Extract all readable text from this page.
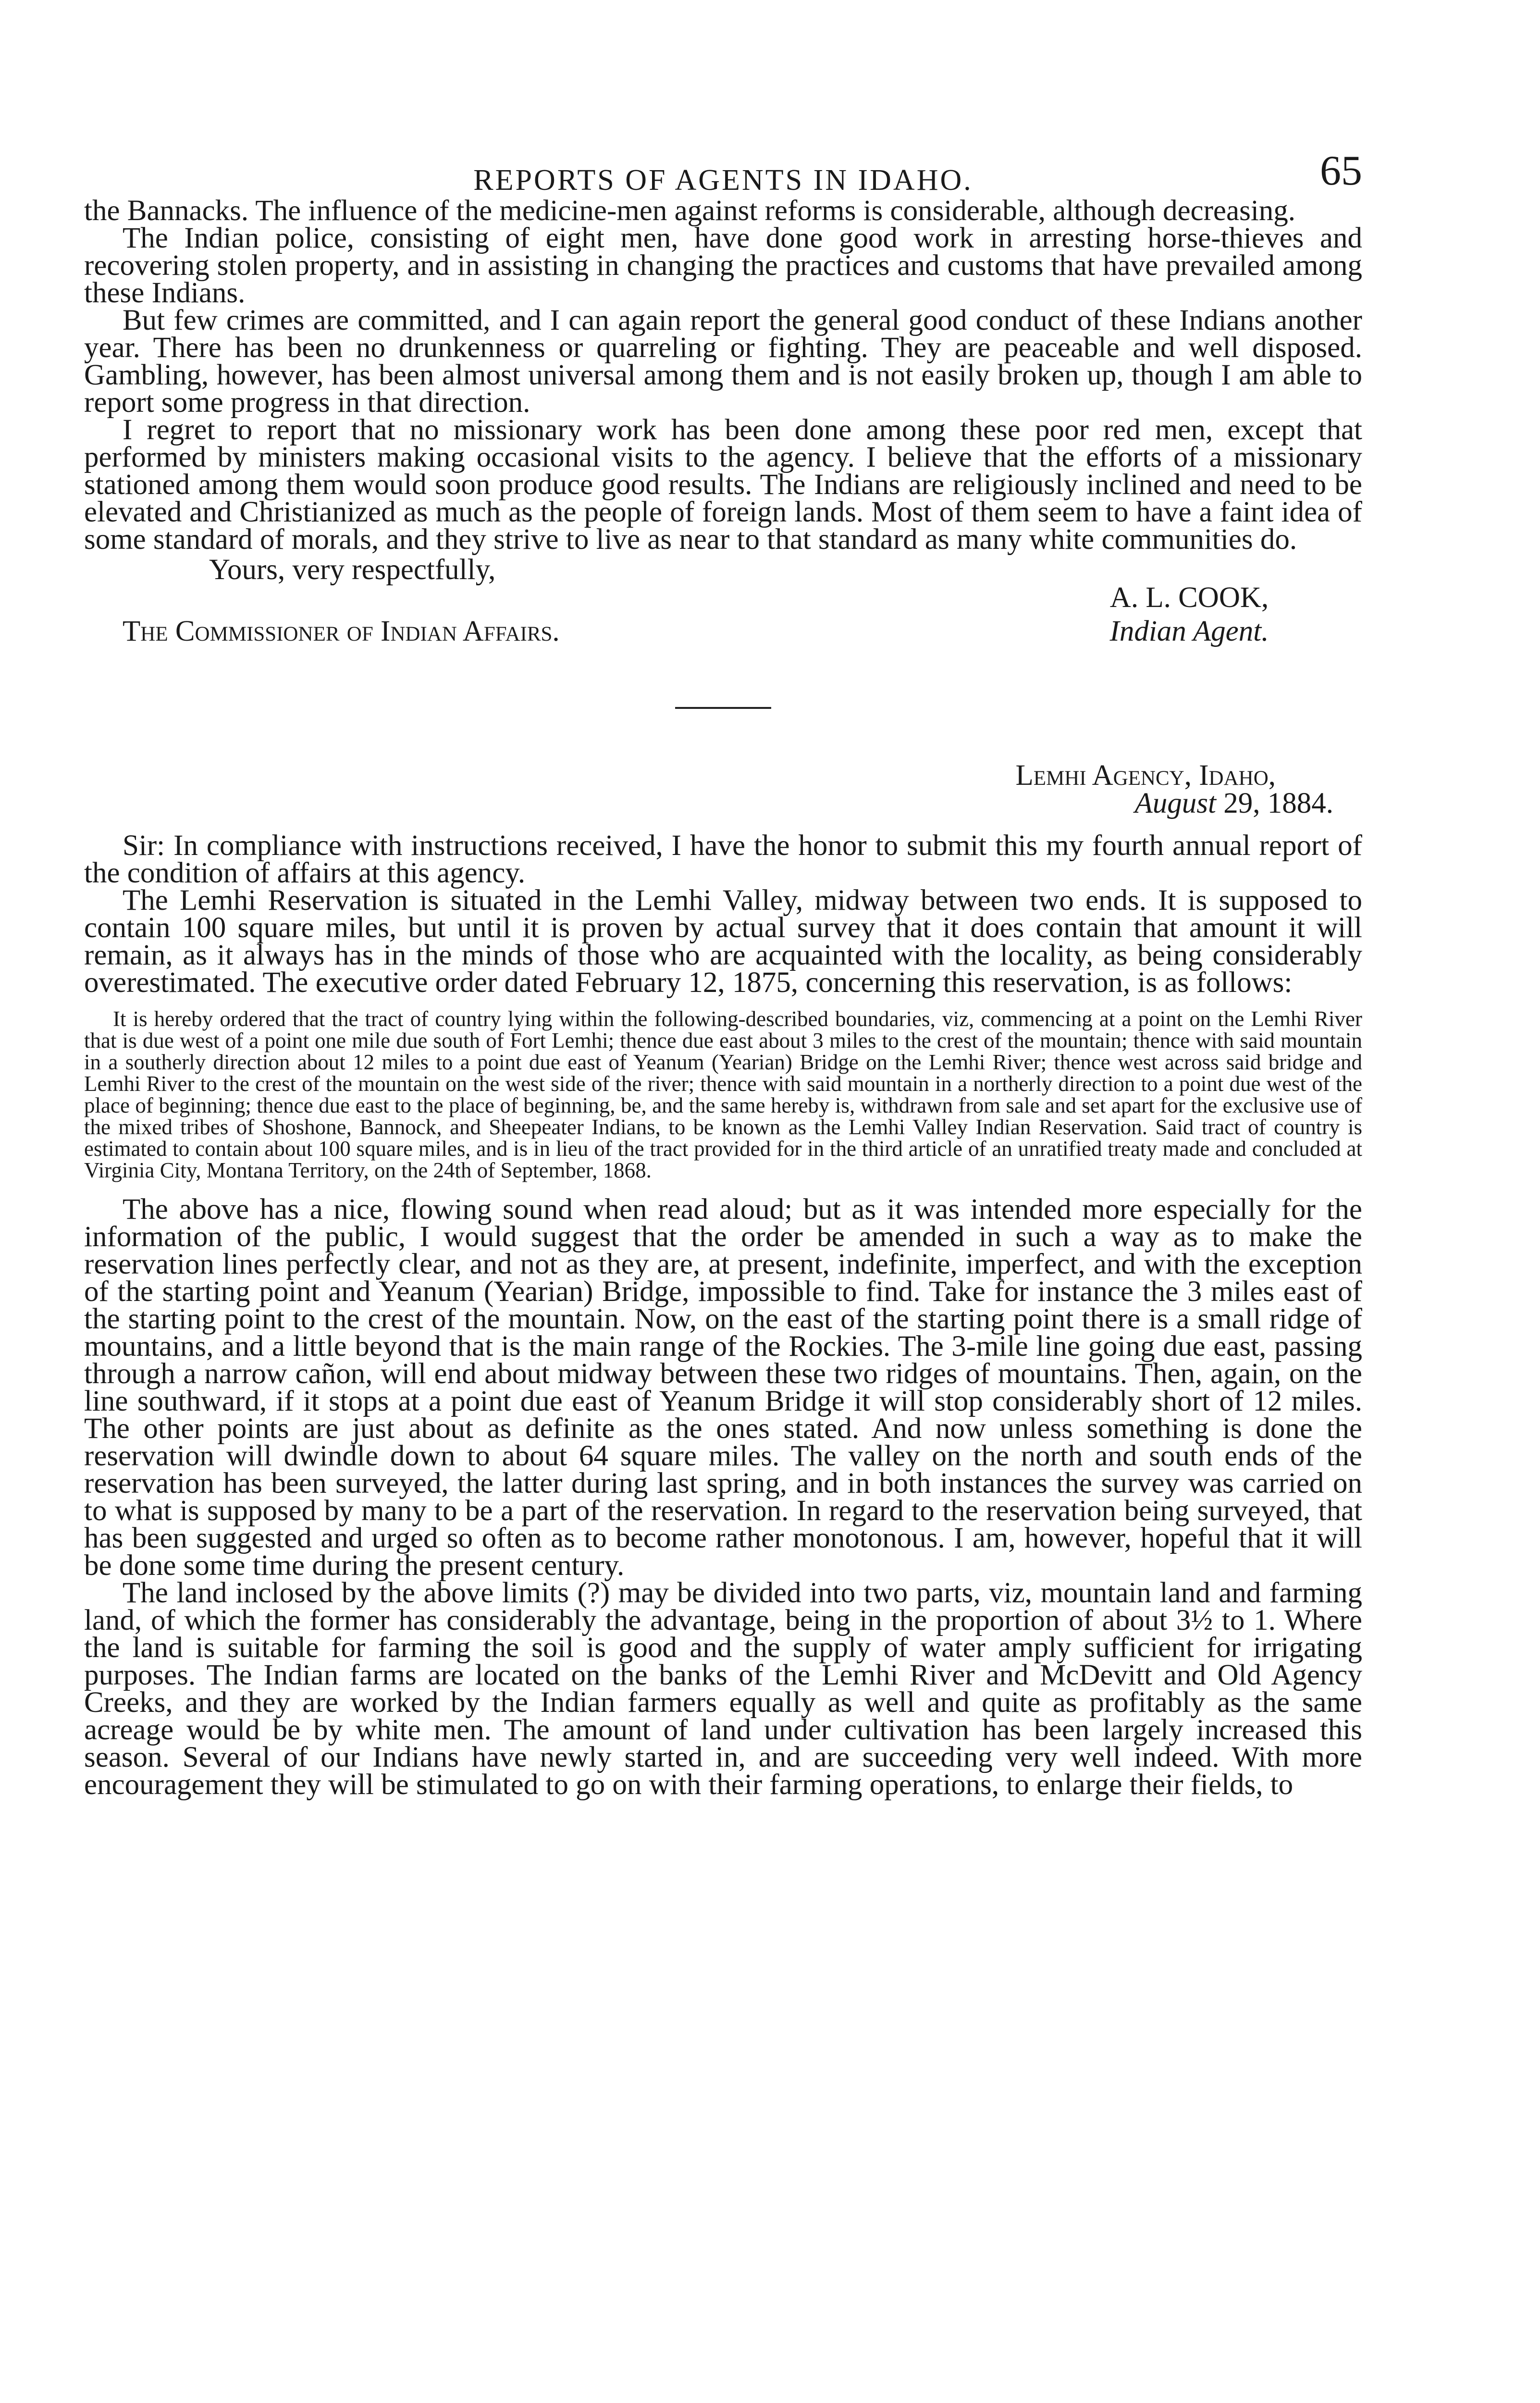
REPORTS OF AGENTS IN IDAHO.	65

the Bannacks. The influence of the medicine-men against reforms is considerable, although decreasing.

The Indian police, consisting of eight men, have done good work in arresting horse-thieves and recovering stolen property, and in assisting in changing the practices and customs that have prevailed among these Indians.

But few crimes are committed, and I can again report the general good conduct of these Indians another year. There has been no drunkenness or quarreling or fighting. They are peaceable and well disposed. Gambling, however, has been almost universal among them and is not easily broken up, though I am able to report some progress in that direction.

I regret to report that no missionary work has been done among these poor red men, except that performed by ministers making occasional visits to the agency. I believe that the efforts of a missionary stationed among them would soon produce good results. The Indians are religiously inclined and need to be elevated and Christianized as much as the people of foreign lands. Most of them seem to have a faint idea of some standard of morals, and they strive to live as near to that standard as many white communities do.

Yours, very respectfully,
A. L. COOK,
Indian Agent.
The Commissioner of Indian Affairs.
Lemhi Agency, Idaho,
August 29, 1884.

Sir: In compliance with instructions received, I have the honor to submit this my fourth annual report of the condition of affairs at this agency.

The Lemhi Reservation is situated in the Lemhi Valley, midway between two ends. It is supposed to contain 100 square miles, but until it is proven by actual survey that it does contain that amount it will remain, as it always has in the minds of those who are acquainted with the locality, as being considerably overestimated. The executive order dated February 12, 1875, concerning this reservation, is as follows:

It is hereby ordered that the tract of country lying within the following-described boundaries, viz, commencing at a point on the Lemhi River that is due west of a point one mile due south of Fort Lemhi; thence due east about 3 miles to the crest of the mountain; thence with said mountain in a southerly direction about 12 miles to a point due east of Yeanum (Yearian) Bridge on the Lemhi River; thence west across said bridge and Lemhi River to the crest of the mountain on the west side of the river; thence with said mountain in a northerly direction to a point due west of the place of beginning; thence due east to the place of beginning, be, and the same hereby is, withdrawn from sale and set apart for the exclusive use of the mixed tribes of Shoshone, Bannock, and Sheepeater Indians, to be known as the Lemhi Valley Indian Reservation. Said tract of country is estimated to contain about 100 square miles, and is in lieu of the tract provided for in the third article of an unratified treaty made and concluded at Virginia City, Montana Territory, on the 24th of September, 1868.

The above has a nice, flowing sound when read aloud; but as it was intended more especially for the information of the public, I would suggest that the order be amended in such a way as to make the reservation lines perfectly clear, and not as they are, at present, indefinite, imperfect, and with the exception of the starting point and Yeanum (Yearian) Bridge, impossible to find. Take for instance the 3 miles east of the starting point to the crest of the mountain. Now, on the east of the starting point there is a small ridge of mountains, and a little beyond that is the main range of the Rockies. The 3-mile line going due east, passing through a narrow cañon, will end about midway between these two ridges of mountains. Then, again, on the line southward, if it stops at a point due east of Yeanum Bridge it will stop considerably short of 12 miles. The other points are just about as definite as the ones stated. And now unless something is done the reservation will dwindle down to about 64 square miles. The valley on the north and south ends of the reservation has been surveyed, the latter during last spring, and in both instances the survey was carried on to what is supposed by many to be a part of the reservation. In regard to the reservation being surveyed, that has been suggested and urged so often as to become rather monotonous. I am, however, hopeful that it will be done some time during the present century.

The land inclosed by the above limits (?) may be divided into two parts, viz, mountain land and farming land, of which the former has considerably the advantage, being in the proportion of about 3½ to 1. Where the land is suitable for farming the soil is good and the supply of water amply sufficient for irrigating purposes. The Indian farms are located on the banks of the Lemhi River and McDevitt and Old Agency Creeks, and they are worked by the Indian farmers equally as well and quite as profitably as the same acreage would be by white men. The amount of land under cultivation has been largely increased this season. Several of our Indians have newly started in, and are succeeding very well indeed. With more encouragement they will be stimulated to go on with their farming operations, to enlarge their fields, to
